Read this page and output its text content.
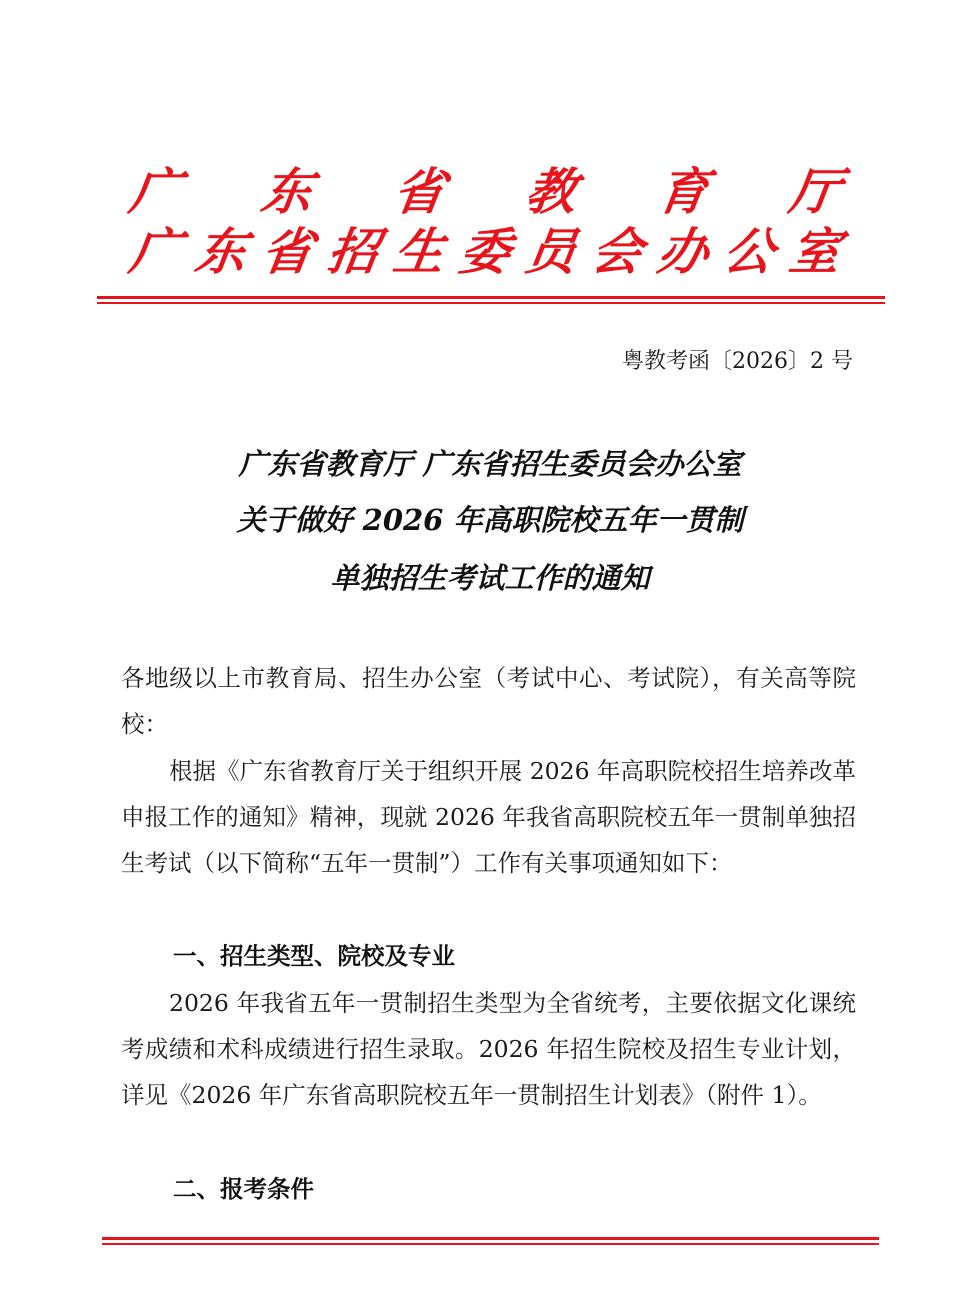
广 东 省 教 育 厅
广 东 省 招 生 委 员 会 办 公 室
粤教考函〔2026〕2 号
广东省教育厅 广东省招生委员会办公室
关于做好 2026 年高职院校五年一贯制
单独招生考试工作的通知
各地级以上市教育局、招生办公室（考试中心、考试院），有关高等院校：
根据《广东省教育厅关于组织开展 2026 年高职院校招生培养改革申报工作的通知》精神，现就 2026 年我省高职院校五年一贯制单独招生考试（以下简称“五年一贯制”）工作有关事项通知如下：
一、招生类型、院校及专业
2026 年我省五年一贯制招生类型为全省统考，主要依据文化课统考成绩和术科成绩进行招生录取。2026 年招生院校及招生专业计划，详见《2026 年广东省高职院校五年一贯制招生计划表》（附件 1）。
二、报考条件
